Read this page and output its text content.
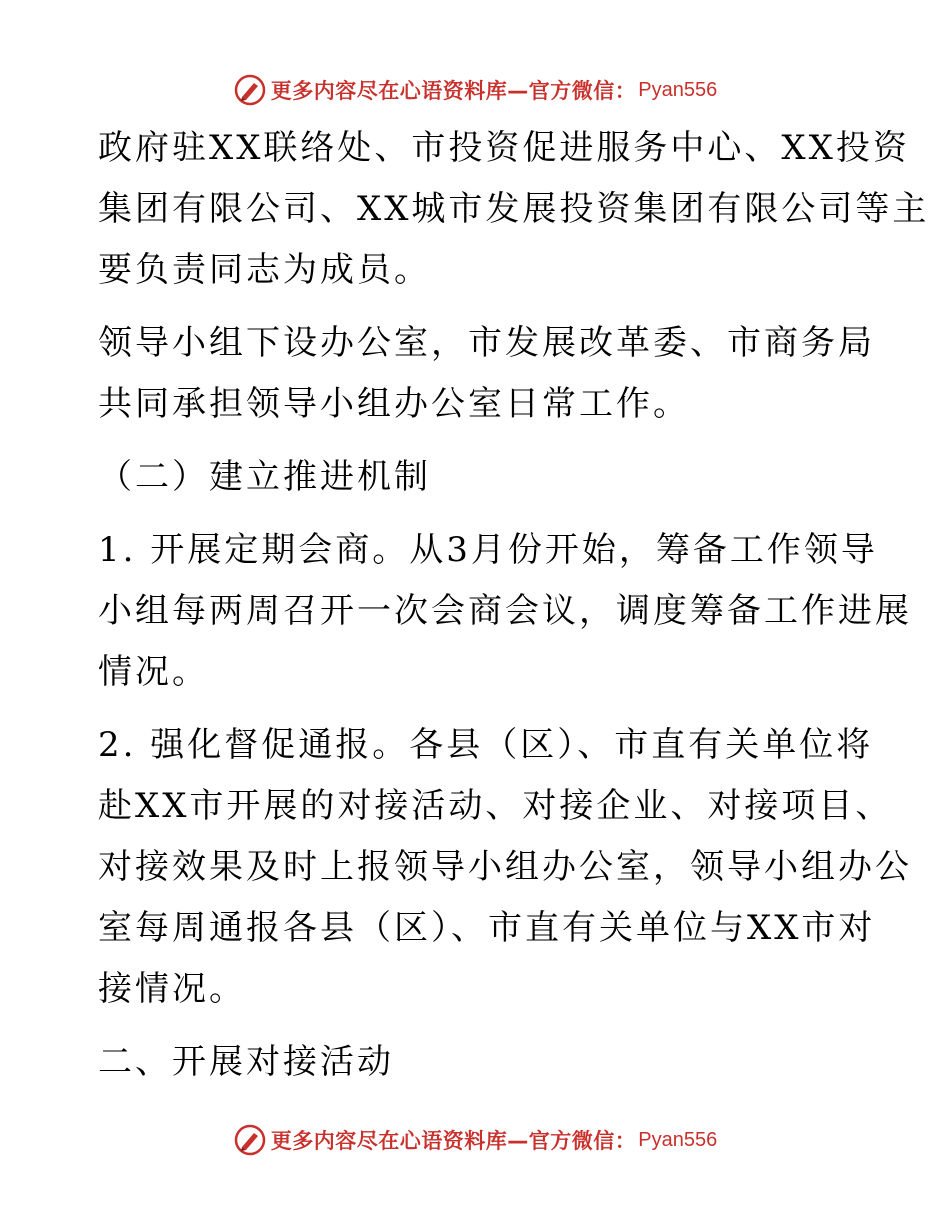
更多内容尽在心语资料库—官方微信： Pyan556

政府驻XX联络处、市投资促进服务中心、XX投资
集团有限公司、XX城市发展投资集团有限公司等主
要负责同志为成员。

领导小组下设办公室，市发展改革委、市商务局
共同承担领导小组办公室日常工作。

（二）建立推进机制

1. 开展定期会商。从3月份开始，筹备工作领导
小组每两周召开一次会商会议，调度筹备工作进展
情况。

2. 强化督促通报。各县（区）、市直有关单位将
赴XX市开展的对接活动、对接企业、对接项目、
对接效果及时上报领导小组办公室，领导小组办公
室每周通报各县（区）、市直有关单位与XX市对
接情况。

二、开展对接活动

更多内容尽在心语资料库—官方微信： Pyan556
